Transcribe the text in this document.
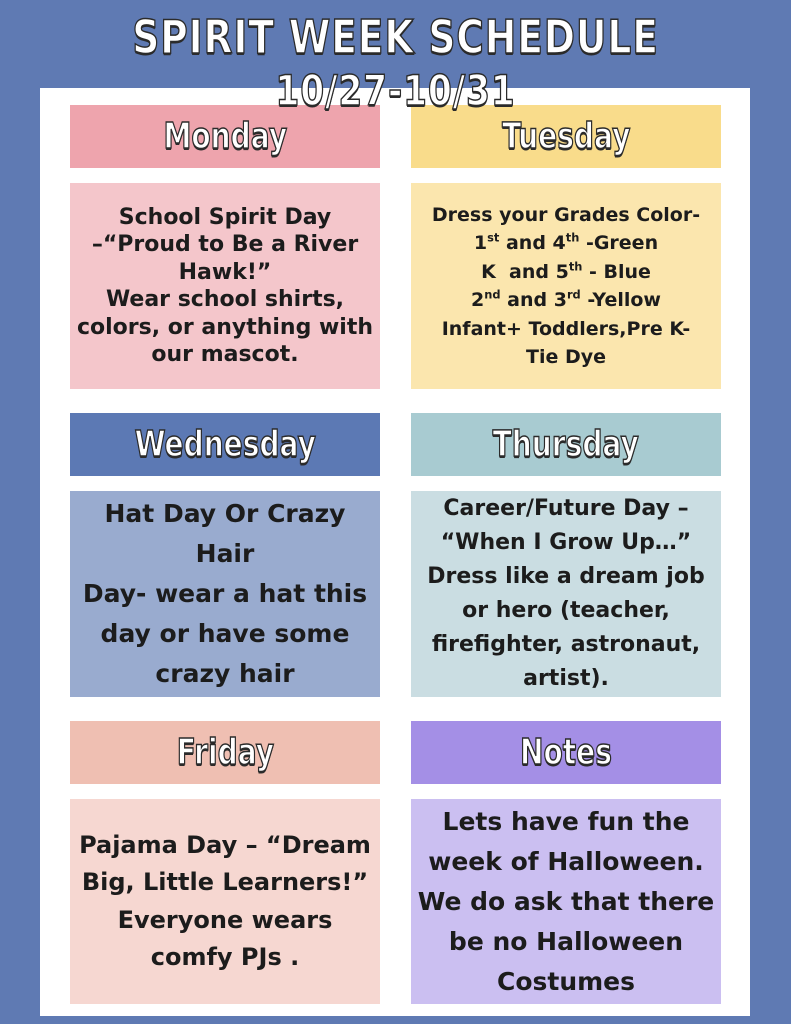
SPIRIT WEEK SCHEDULE
10/27-10/31
Monday
School Spirit Day
–“Proud to Be a River
Hawk!”
Wear school shirts,
colors, or anything with
our mascot.
Tuesday
Dress your Grades Color-
1st and 4th -Green
K  and 5th - Blue
2nd and 3rd -Yellow
Infant+ Toddlers,Pre K-
Tie Dye
Wednesday
Hat Day Or Crazy
Hair
Day- wear a hat this
day or have some
crazy hair
Thursday
Career/Future Day –
“When I Grow Up…”
Dress like a dream job
or hero (teacher,
firefighter, astronaut,
artist).
Friday
Pajama Day – “Dream
Big, Little Learners!”
Everyone wears
comfy PJs .
Notes
Lets have fun the
week of Halloween.
We do ask that there
be no Halloween
Costumes
